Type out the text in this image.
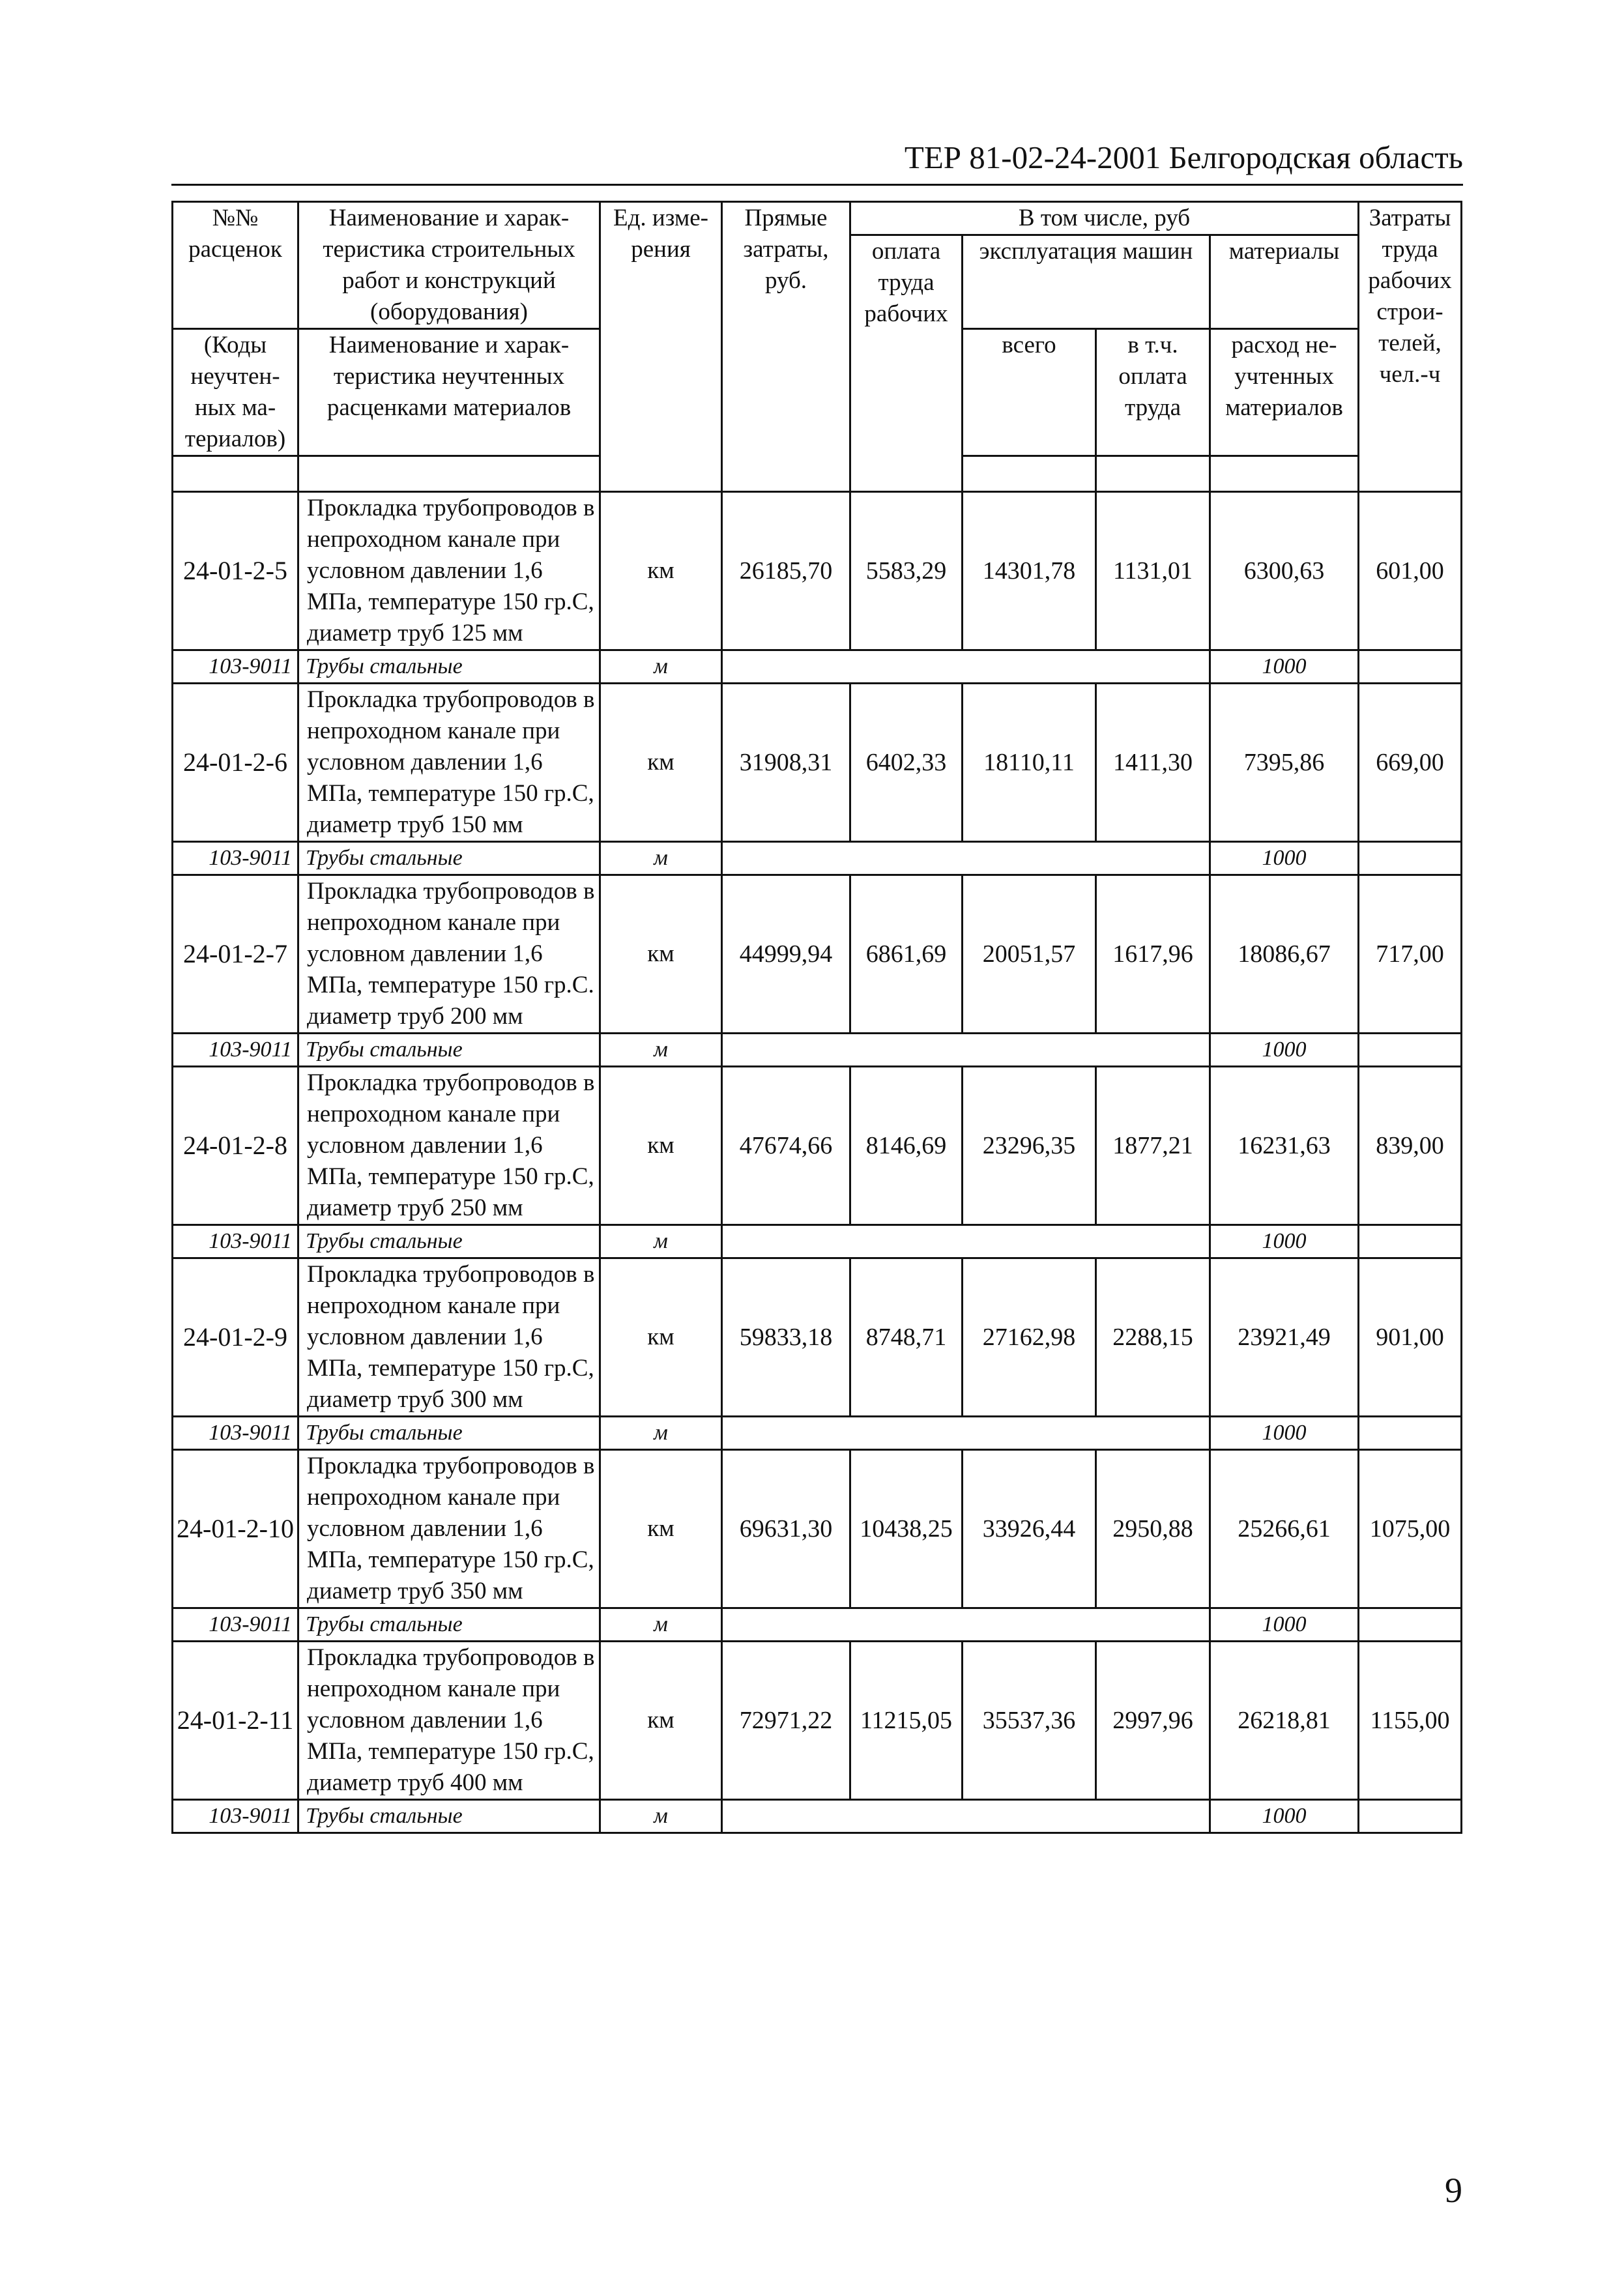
ТЕР 81-02-24-2001 Белгородская область
№№ расценок	Наименование и характеристика строительных работ и конструкций (оборудования)	Ед. измерения	Прямые затраты, руб.	В том числе, руб				Затраты труда рабочих строителей, чел.-ч
				оплата труда рабочих	эксплуатация машин		материалы	
(Коды неучтенных материалов)	Наименование и характеристика неучтенных расценками материалов				всего	в т.ч. оплата труда	расход неучтенных материалов	

24-01-2-5	Прокладка трубопроводов в непроходном канале при условном давлении 1,6 МПа, температуре 150 гр.С, диаметр труб 125 мм	км	26185,70	5583,29	14301,78	1131,01	6300,63	601,00
103-9011	Трубы стальные	м					1000	
24-01-2-6	Прокладка трубопроводов в непроходном канале при условном давлении 1,6 МПа, температуре 150 гр.С, диаметр труб 150 мм	км	31908,31	6402,33	18110,11	1411,30	7395,86	669,00
103-9011	Трубы стальные	м					1000	
24-01-2-7	Прокладка трубопроводов в непроходном канале при условном давлении 1,6 МПа, температуре 150 гр.С. диаметр труб 200 мм	км	44999,94	6861,69	20051,57	1617,96	18086,67	717,00
103-9011	Трубы стальные	м					1000	
24-01-2-8	Прокладка трубопроводов в непроходном канале при условном давлении 1,6 МПа, температуре 150 гр.С, диаметр труб 250 мм	км	47674,66	8146,69	23296,35	1877,21	16231,63	839,00
103-9011	Трубы стальные	м					1000	
24-01-2-9	Прокладка трубопроводов в непроходном канале при условном давлении 1,6 МПа, температуре 150 гр.С, диаметр труб 300 мм	км	59833,18	8748,71	27162,98	2288,15	23921,49	901,00
103-9011	Трубы стальные	м					1000	
24-01-2-10	Прокладка трубопроводов в непроходном канале при условном давлении 1,6 МПа, температуре 150 гр.С, диаметр труб 350 мм	км	69631,30	10438,25	33926,44	2950,88	25266,61	1075,00
103-9011	Трубы стальные	м					1000	
24-01-2-11	Прокладка трубопроводов в непроходном канале при условном давлении 1,6 МПа, температуре 150 гр.С, диаметр труб 400 мм	км	72971,22	11215,05	35537,36	2997,96	26218,81	1155,00
103-9011	Трубы стальные	м					1000	
9
